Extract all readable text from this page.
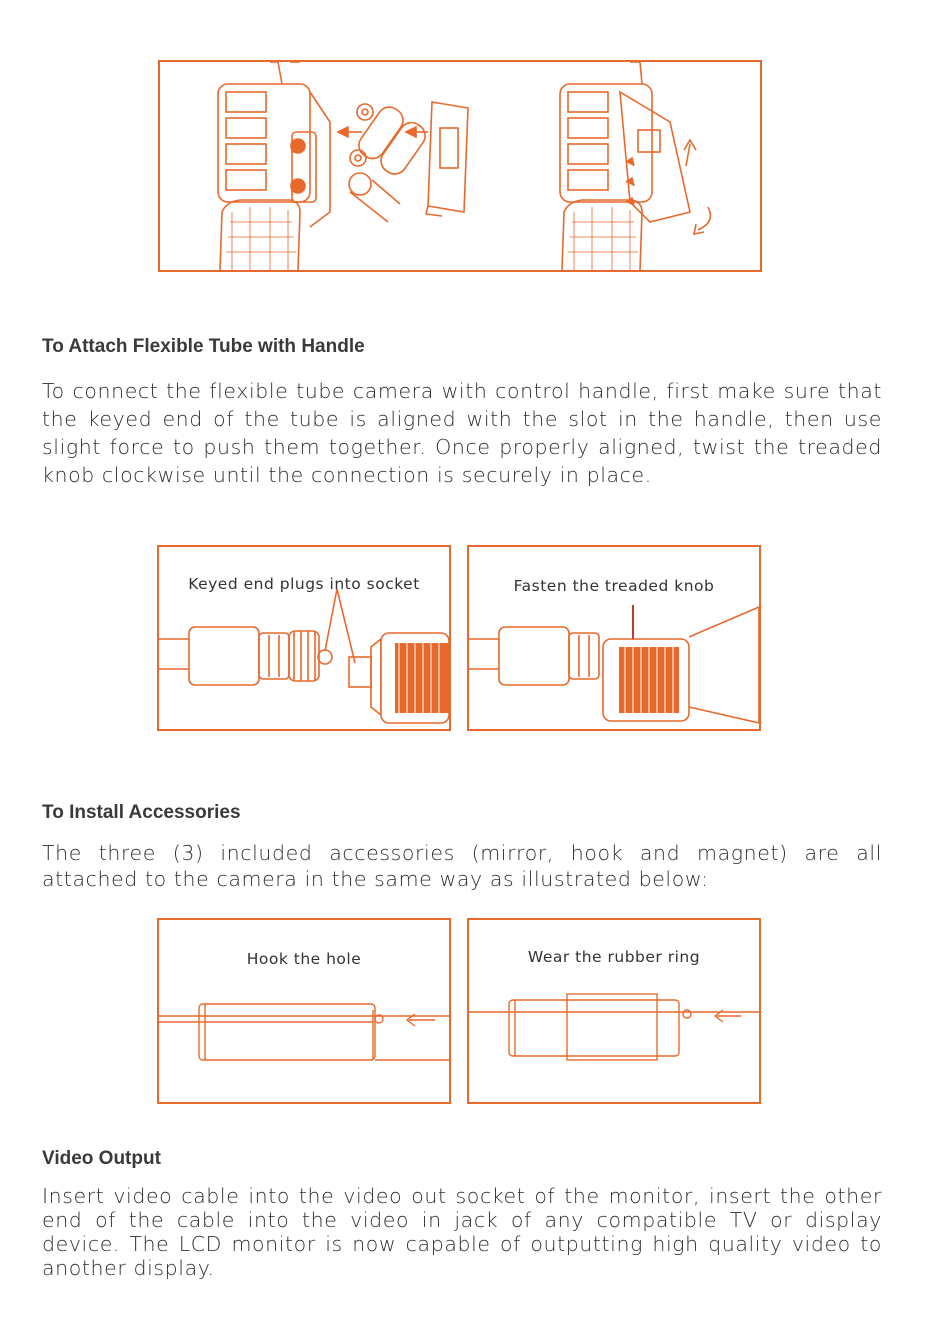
To Attach Flexible Tube with Handle

To connect the flexible tube camera with control handle, first make sure that the keyed end of the tube is aligned with the slot in the handle, then use slight force to push them together. Once properly aligned, twist the treaded knob clockwise until the connection is securely in place.

Keyed end plugs into socket	Fasten the treaded knob
To Install Accessories

The three (3) included accessories (mirror, hook and magnet) are all attached to the camera in the same way as illustrated below:

Hook the hole	Wear the rubber ring
Video Output

Insert video cable into the video out socket of the monitor, insert the other end of the cable into the video in jack of any compatible TV or display device. The LCD monitor is now capable of outputting high quality video to another display.
